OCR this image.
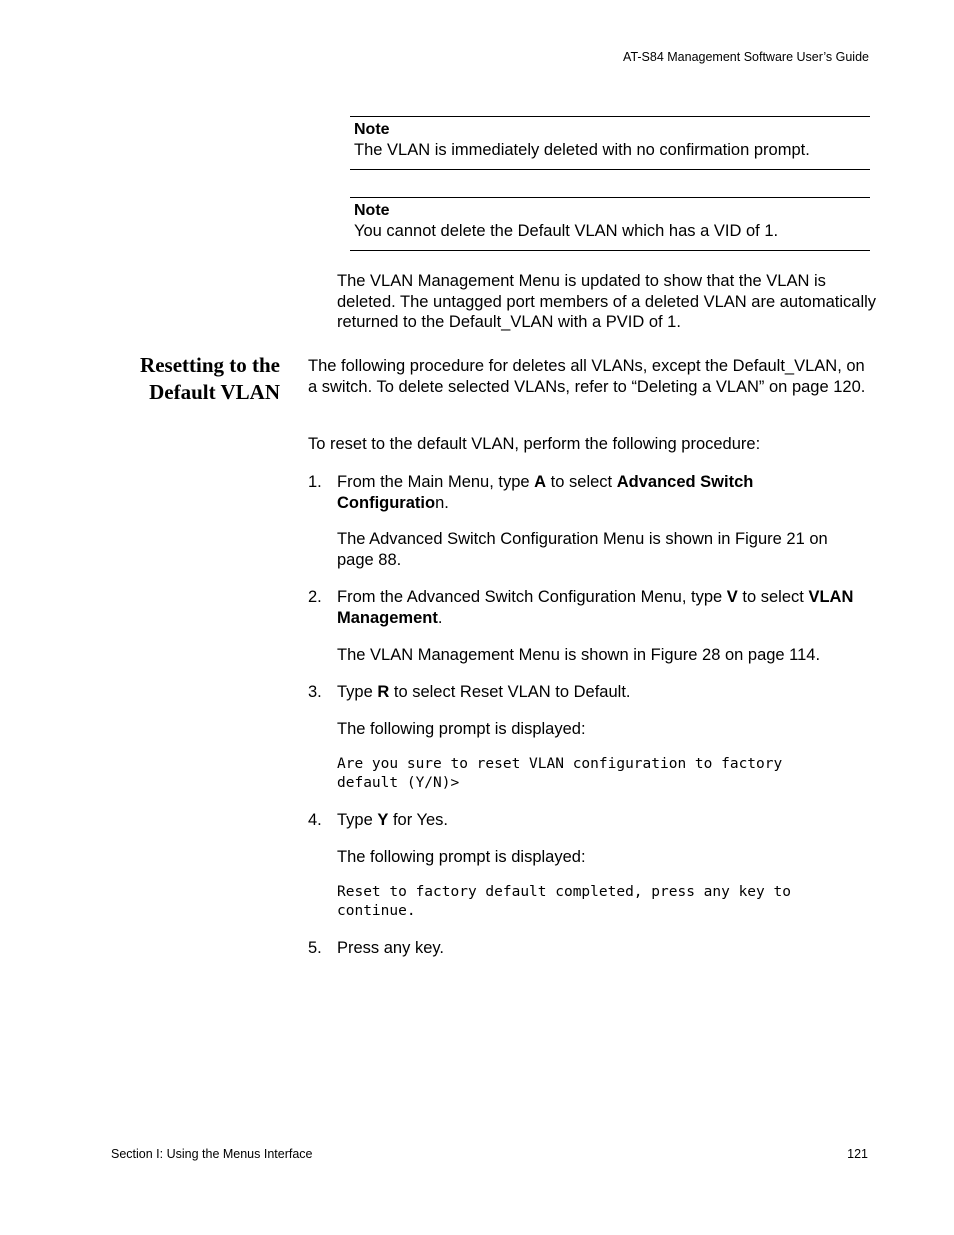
AT-S84 Management Software User’s Guide
Note
The VLAN is immediately deleted with no confirmation prompt.
Note
You cannot delete the Default VLAN which has a VID of 1.
The VLAN Management Menu is updated to show that the VLAN is deleted. The untagged port members of a deleted VLAN are automatically returned to the Default_VLAN with a PVID of 1.
Resetting to the
Default VLAN
The following procedure for deletes all VLANs, except the Default_VLAN, on a switch. To delete selected VLANs, refer to “Deleting a VLAN” on page 120.
To reset to the default VLAN, perform the following procedure:
1. From the Main Menu, type A to select Advanced Switch Configuration.
The Advanced Switch Configuration Menu is shown in Figure 21 on page 88.
2. From the Advanced Switch Configuration Menu, type V to select VLAN Management.
The VLAN Management Menu is shown in Figure 28 on page 114.
3. Type R to select Reset VLAN to Default.
The following prompt is displayed:
Are you sure to reset VLAN configuration to factory
default (Y/N)>
4. Type Y for Yes.
The following prompt is displayed:
Reset to factory default completed, press any key to
continue.
5. Press any key.
Section I: Using the Menus Interface	121
